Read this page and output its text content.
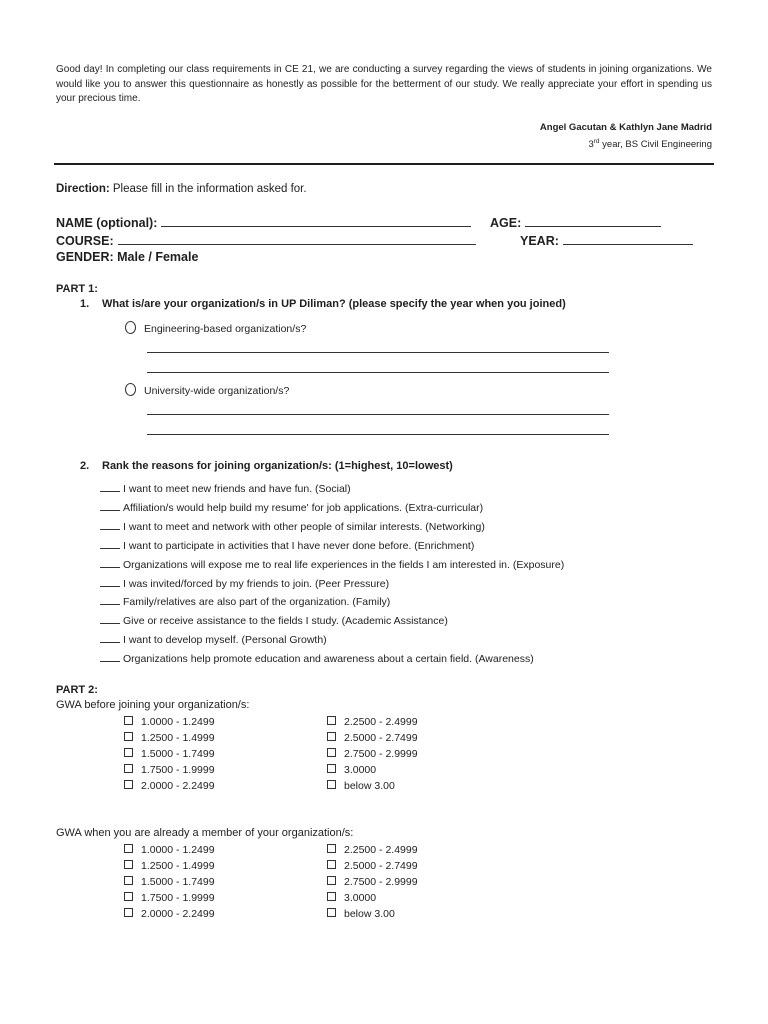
Good day! In completing our class requirements in CE 21, we are conducting a survey regarding the views of students in joining organizations. We would like you to answer this questionnaire as honestly as possible for the betterment of our study. We really appreciate your effort in spending us your precious time.
Angel Gacutan & Kathlyn Jane Madrid
3rd year, BS Civil Engineering
Direction: Please fill in the information asked for.
NAME (optional):	AGE:
COURSE:	YEAR:
GENDER: Male / Female
PART 1:
1. What is/are your organization/s in UP Diliman? (please specify the year when you joined)
Engineering-based organization/s?
University-wide organization/s?
2. Rank the reasons for joining organization/s: (1=highest, 10=lowest)
I want to meet new friends and have fun. (Social)
Affiliation/s would help build my resume' for job applications. (Extra-curricular)
I want to meet and network with other people of similar interests. (Networking)
I want to participate in activities that I have never done before. (Enrichment)
Organizations will expose me to real life experiences in the fields I am interested in. (Exposure)
I was invited/forced by my friends to join. (Peer Pressure)
Family/relatives are also part of the organization. (Family)
Give or receive assistance to the fields I study. (Academic Assistance)
I want to develop myself. (Personal Growth)
Organizations help promote education and awareness about a certain field. (Awareness)
PART 2:
GWA before joining your organization/s:
1.0000 - 1.2499
1.2500 - 1.4999
1.5000 - 1.7499
1.7500 - 1.9999
2.0000 - 2.2499
2.2500 - 2.4999
2.5000 - 2.7499
2.7500 - 2.9999
3.0000
below 3.00
GWA when you are already a member of your organization/s:
1.0000 - 1.2499
1.2500 - 1.4999
1.5000 - 1.7499
1.7500 - 1.9999
2.0000 - 2.2499
2.2500 - 2.4999
2.5000 - 2.7499
2.7500 - 2.9999
3.0000
below 3.00
